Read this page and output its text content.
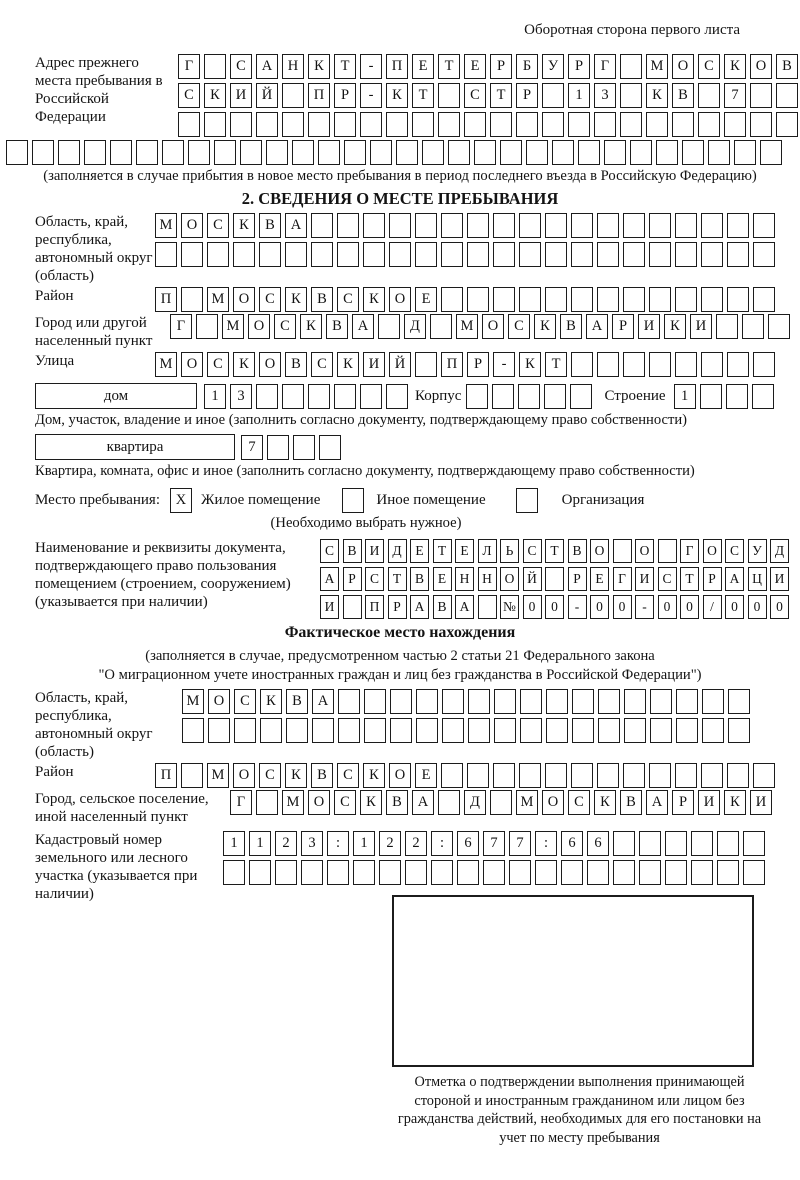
Оборотная сторона первого листа
Адрес прежнего места пребывания в Российской Федерации
Г	С	А	Н	К	Т	-	П	Е	Т	Е	Р	Б	У	Р	Г	М О	С	К	О	В
С	К	И	Й	П	Р	-	К	Т	С	Т	Р	1	3	К	В	7
(заполняется в случае прибытия в новое место пребывания в период последнего въезда в Российскую Федерацию)
2. СВЕДЕНИЯ О МЕСТЕ ПРЕБЫВАНИЯ
Область, край, республика, автономный округ (область)
М О	С	К	В	А
Район	П	М О	С	К	В	С	К	О	Е
Город или другой населенный пункт
Г	М О	С	К	В	А	Д	М О	С	К	В	А	Р	И	К	И
Улица	М О	С	К	О	В	С	К	И	Й	П	Р	-	К	Т
дом	1	3	Корпус	Строение	1
Дом, участок, владение и иное (заполнить согласно документу, подтверждающему право собственности)
квартира	7
Квартира, комната, офис и иное (заполнить согласно документу, подтверждающему право собственности)
Место пребывания:	X Жилое помещение	Иное помещение	Организация
(Необходимо выбрать нужное)
Наименование и реквизиты документа, подтверждающего право пользования помещением (строением, сооружением) (указывается при наличии)
С В И Д	Е	Т	Е	Л	Ь	С	Т	В О	О	Г	О С У Д
А	Р	С	Т	В	Е	Н Н О Й	Р	Е	Г	И С	Т	Р	А Ц И
И	П	Р	А В А	№ 0	0	-	0	0	-	0	0	/	0	0	0
Фактическое место нахождения
(заполняется в случае, предусмотренном частью 2 статьи 21 Федерального закона
"О миграционном учете иностранных граждан и лиц без гражданства в Российской Федерации")
Область, край, республика, автономный округ (область)
М О	С	К	В	А
Район	П	М О	С	К	В	С	К	О	Е
Город, сельское поселение, иной населенный пункт
Г	М О	С	К	В	А	Д	М О	С	К	В	А	Р	И	К	И
Кадастровый номер земельного или лесного участка (указывается при наличии)
1	1	2	3	:	1	2	2	:	6	7	7	:	6	6
Отметка о подтверждении выполнения принимающей стороной и иностранным гражданином или лицом без гражданства действий, необходимых для его постановки на учет по месту пребывания
